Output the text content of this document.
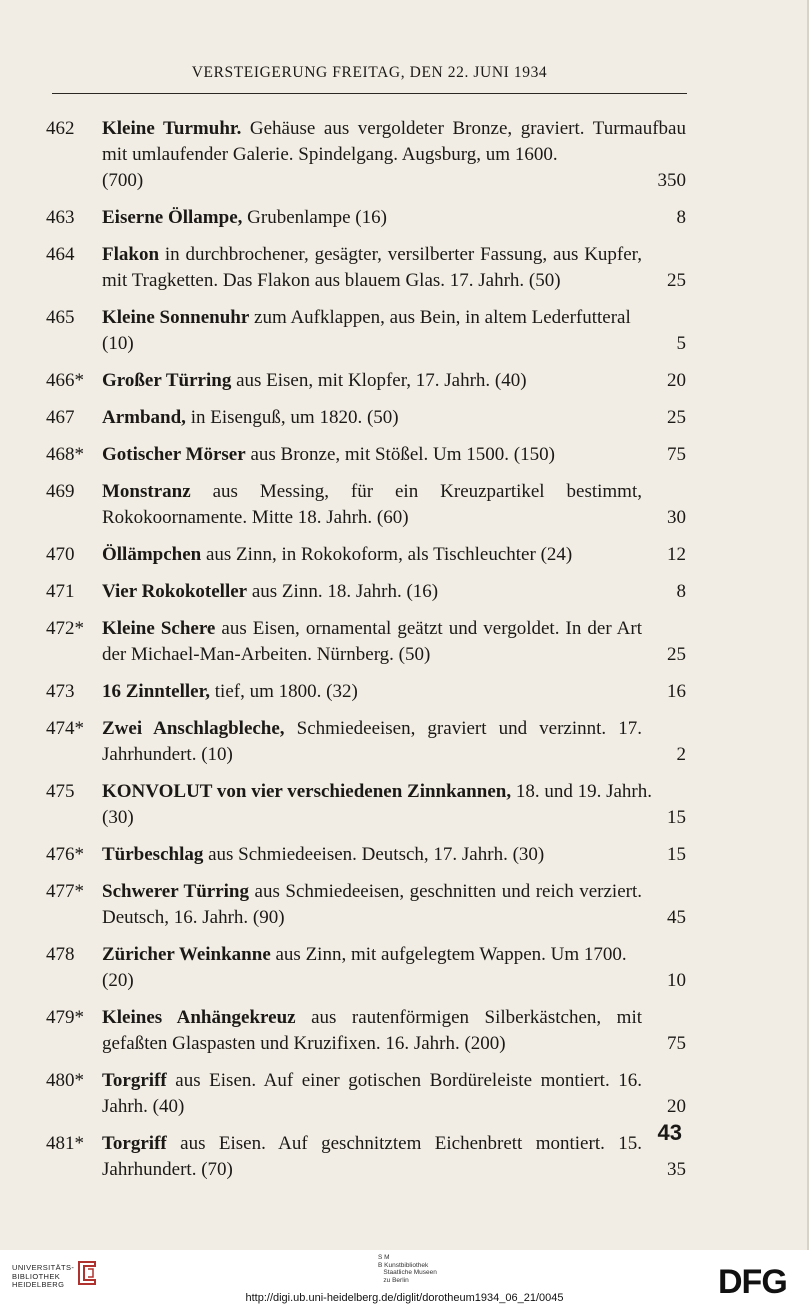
VERSTEIGERUNG FREITAG, DEN 22. JUNI 1934
462	Kleine Turmuhr. Gehäuse aus vergoldeter Bronze, graviert. Turmaufbau mit umlaufender Galerie. Spindelgang. Augsburg, um 1600.
(700)	350
463	Eiserne Öllampe, Grubenlampe (16)	8
464	Flakon in durchbrochener, gesägter, versilberter Fassung, aus Kupfer, mit Tragketten. Das Flakon aus blauem Glas. 17. Jahrh. (50)	25
465	Kleine Sonnenuhr zum Aufklappen, aus Bein, in altem Lederfutteral
(10)	5
466* Großer Türring aus Eisen, mit Klopfer, 17. Jahrh. (40)	20
467	Armband, in Eisenguß, um 1820. (50)	25
468* Gotischer Mörser aus Bronze, mit Stößel. Um 1500. (150)	75
469	Monstranz aus Messing, für ein Kreuzpartikel bestimmt, Rokokoornamente. Mitte 18. Jahrh. (60)	30
470	Öllämpchen aus Zinn, in Rokokoform, als Tischleuchter (24)	12
471	Vier Rokokoteller aus Zinn. 18. Jahrh. (16)	8
472* Kleine Schere aus Eisen, ornamental geätzt und vergoldet. In der Art der Michael-Man-Arbeiten. Nürnberg. (50)	25
473	16 Zinnteller, tief, um 1800. (32)	16
474* Zwei Anschlagbleche, Schmiedeeisen, graviert und verzinnt. 17. Jahrhundert. (10)	2
475	KONVOLUT von vier verschiedenen Zinnkannen, 18. und 19. Jahrh.
(30)	15
476* Türbeschlag aus Schmiedeeisen. Deutsch, 17. Jahrh. (30)	15
477* Schwerer Türring aus Schmiedeeisen, geschnitten und reich verziert. Deutsch, 16. Jahrh. (90)	45
478	Züricher Weinkanne aus Zinn, mit aufgelegtem Wappen. Um 1700.
(20)	10
479* Kleines Anhängekreuz aus rautenförmigen Silberkästchen, mit gefaßten Glaspasten und Kruzifixen. 16. Jahrh. (200)	75
480* Torgriff aus Eisen. Auf einer gotischen Bordüreleiste montiert. 16. Jahrh. (40)	20
481* Torgriff aus Eisen. Auf geschnitztem Eichenbrett montiert. 15. Jahrhundert. (70)	35
43
UNIVERSITÄTS-
BIBLIOTHEK
HEIDELBERG
S M
B Kunstbibliothek
Staatliche Museen
zu Berlin	DFG
http://digi.ub.uni-heidelberg.de/diglit/dorotheum1934_06_21/0045
